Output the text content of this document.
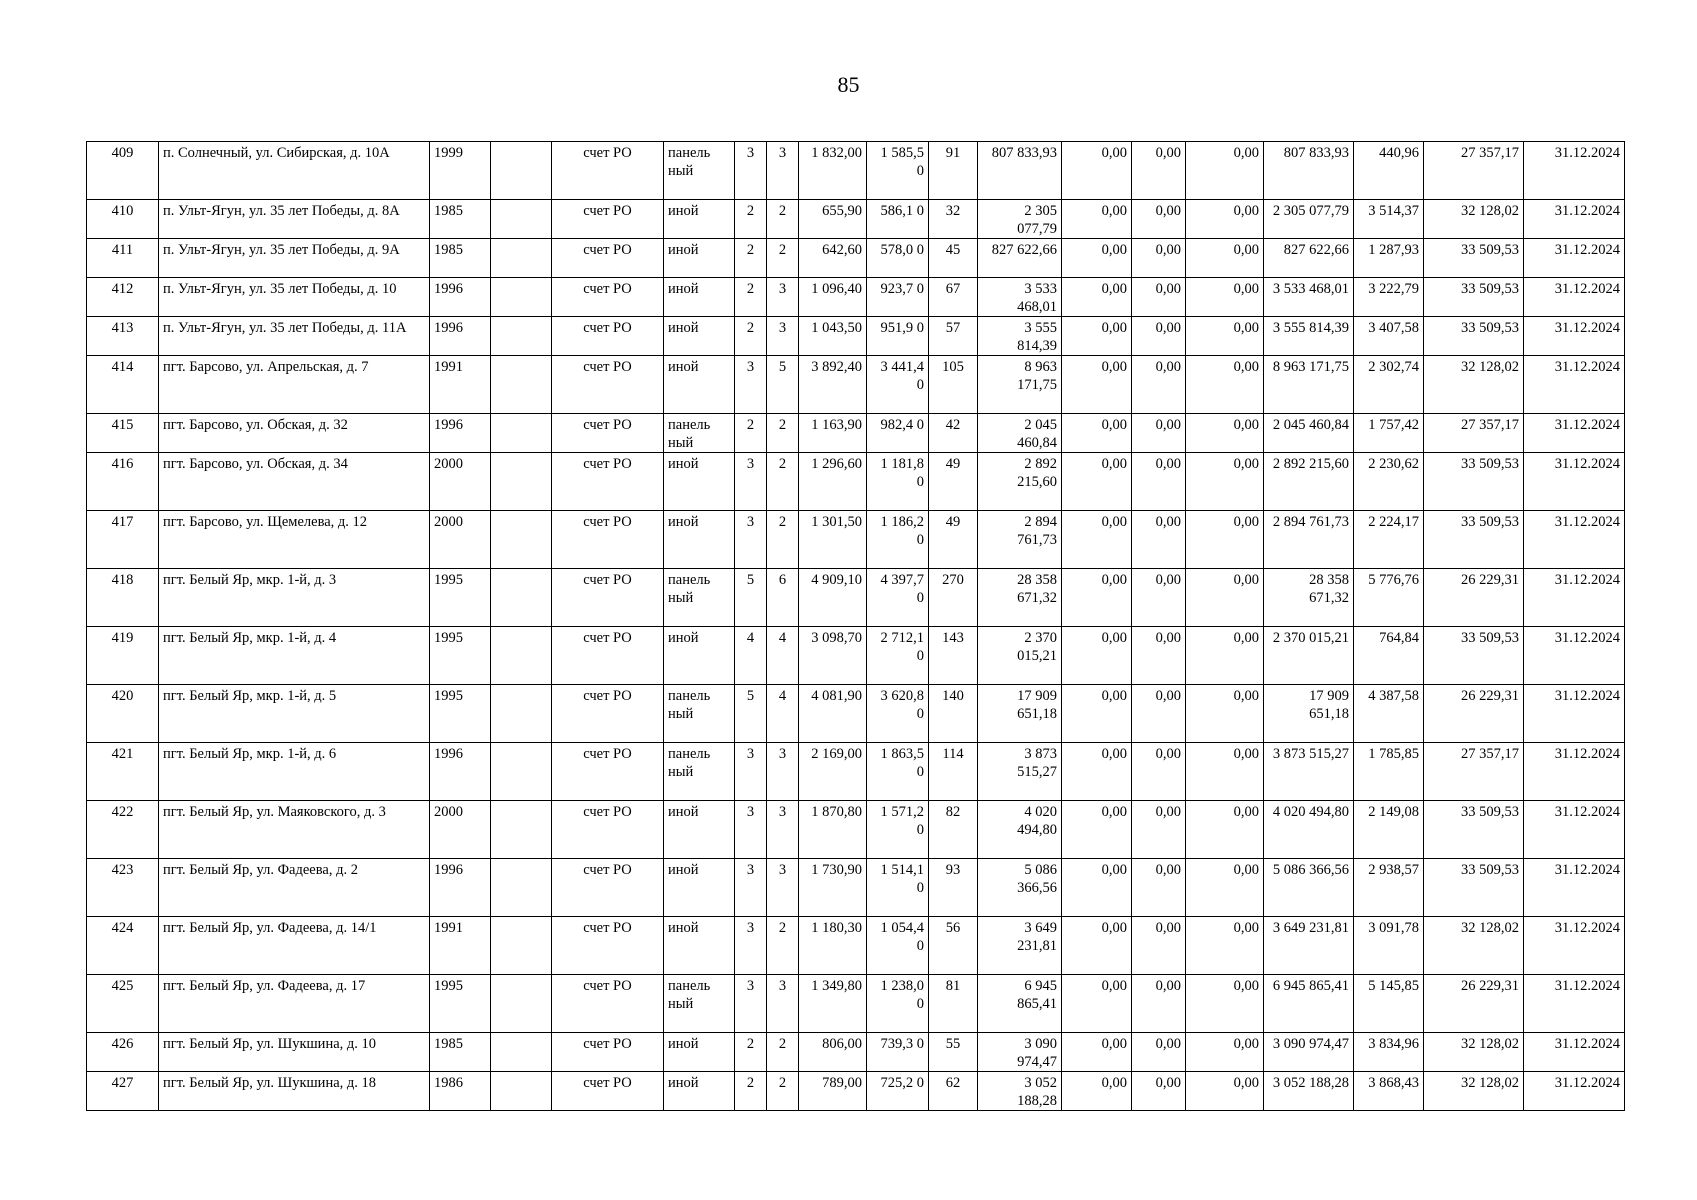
85
409	п. Солнечный, ул. Сибирская, д. 10А	1999		счет РО	панель ный	3	3	1 832,00	1 585,5 0	91	807 833,93	0,00	0,00	0,00	807 833,93	440,96	27 357,17	31.12.2024
410	п. Ульт-Ягун, ул. 35 лет Победы, д. 8А	1985		счет РО	иной	2	2	655,90	586,1 0	32	2 305 077,79	0,00	0,00	0,00	2 305 077,79	3 514,37	32 128,02	31.12.2024
411	п. Ульт-Ягун, ул. 35 лет Победы, д. 9А	1985		счет РО	иной	2	2	642,60	578,0 0	45	827 622,66	0,00	0,00	0,00	827 622,66	1 287,93	33 509,53	31.12.2024
412	п. Ульт-Ягун, ул. 35 лет Победы, д. 10	1996		счет РО	иной	2	3	1 096,40	923,7 0	67	3 533 468,01	0,00	0,00	0,00	3 533 468,01	3 222,79	33 509,53	31.12.2024
413	п. Ульт-Ягун, ул. 35 лет Победы, д. 11А	1996		счет РО	иной	2	3	1 043,50	951,9 0	57	3 555 814,39	0,00	0,00	0,00	3 555 814,39	3 407,58	33 509,53	31.12.2024
414	пгт. Барсово, ул. Апрельская, д. 7	1991		счет РО	иной	3	5	3 892,40	3 441,4 0	105	8 963 171,75	0,00	0,00	0,00	8 963 171,75	2 302,74	32 128,02	31.12.2024
415	пгт. Барсово, ул. Обская, д. 32	1996		счет РО	панель ный	2	2	1 163,90	982,4 0	42	2 045 460,84	0,00	0,00	0,00	2 045 460,84	1 757,42	27 357,17	31.12.2024
416	пгт. Барсово, ул. Обская, д. 34	2000		счет РО	иной	3	2	1 296,60	1 181,8 0	49	2 892 215,60	0,00	0,00	0,00	2 892 215,60	2 230,62	33 509,53	31.12.2024
417	пгт. Барсово, ул. Щемелева, д. 12	2000		счет РО	иной	3	2	1 301,50	1 186,2 0	49	2 894 761,73	0,00	0,00	0,00	2 894 761,73	2 224,17	33 509,53	31.12.2024
418	пгт. Белый Яр, мкр. 1-й, д. 3	1995		счет РО	панель ный	5	6	4 909,10	4 397,7 0	270	28 358 671,32	0,00	0,00	0,00	28 358 671,32	5 776,76	26 229,31	31.12.2024
419	пгт. Белый Яр, мкр. 1-й, д. 4	1995		счет РО	иной	4	4	3 098,70	2 712,1 0	143	2 370 015,21	0,00	0,00	0,00	2 370 015,21	764,84	33 509,53	31.12.2024
420	пгт. Белый Яр, мкр. 1-й, д. 5	1995		счет РО	панель ный	5	4	4 081,90	3 620,8 0	140	17 909 651,18	0,00	0,00	0,00	17 909 651,18	4 387,58	26 229,31	31.12.2024
421	пгт. Белый Яр, мкр. 1-й, д. 6	1996		счет РО	панель ный	3	3	2 169,00	1 863,5 0	114	3 873 515,27	0,00	0,00	0,00	3 873 515,27	1 785,85	27 357,17	31.12.2024
422	пгт. Белый Яр, ул. Маяковского, д. 3	2000		счет РО	иной	3	3	1 870,80	1 571,2 0	82	4 020 494,80	0,00	0,00	0,00	4 020 494,80	2 149,08	33 509,53	31.12.2024
423	пгт. Белый Яр, ул. Фадеева, д. 2	1996		счет РО	иной	3	3	1 730,90	1 514,1 0	93	5 086 366,56	0,00	0,00	0,00	5 086 366,56	2 938,57	33 509,53	31.12.2024
424	пгт. Белый Яр, ул. Фадеева, д. 14/1	1991		счет РО	иной	3	2	1 180,30	1 054,4 0	56	3 649 231,81	0,00	0,00	0,00	3 649 231,81	3 091,78	32 128,02	31.12.2024
425	пгт. Белый Яр, ул. Фадеева, д. 17	1995		счет РО	панель ный	3	3	1 349,80	1 238,0 0	81	6 945 865,41	0,00	0,00	0,00	6 945 865,41	5 145,85	26 229,31	31.12.2024
426	пгт. Белый Яр, ул. Шукшина, д. 10	1985		счет РО	иной	2	2	806,00	739,3 0	55	3 090 974,47	0,00	0,00	0,00	3 090 974,47	3 834,96	32 128,02	31.12.2024
427	пгт. Белый Яр, ул. Шукшина, д. 18	1986		счет РО	иной	2	2	789,00	725,2 0	62	3 052 188,28	0,00	0,00	0,00	3 052 188,28	3 868,43	32 128,02	31.12.2024
